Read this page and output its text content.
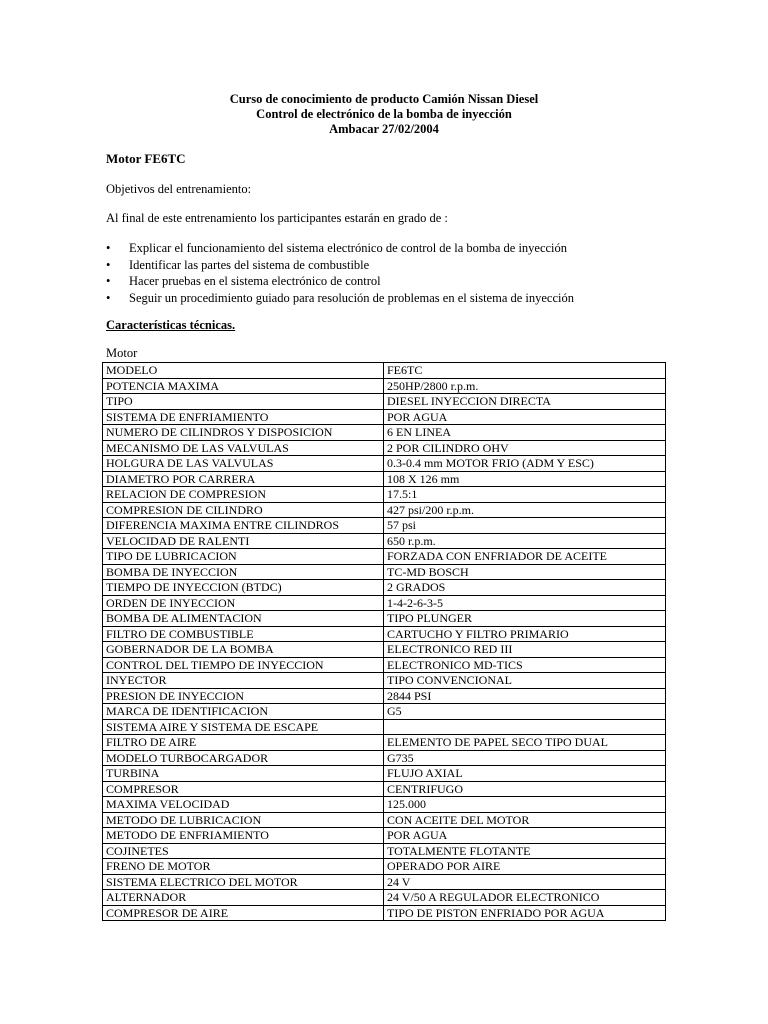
Curso de conocimiento de producto Camión Nissan Diesel
Control de electrónico de la bomba de inyección
Ambacar 27/02/2004
Motor FE6TC
Objetivos del entrenamiento:
Al final de este entrenamiento los participantes estarán en grado de :
• Explicar el funcionamiento del sistema electrónico de control de la bomba de inyección
• Identificar las partes del sistema de combustible
• Hacer pruebas en el sistema electrónico de control
• Seguir un procedimiento guiado para resolución de problemas en el sistema de inyección
Características técnicas.
Motor
MODELO	FE6TC
POTENCIA MAXIMA	250HP/2800 r.p.m.
TIPO	DIESEL INYECCION DIRECTA
SISTEMA DE ENFRIAMIENTO	POR AGUA
NUMERO DE CILINDROS Y DISPOSICION	6 EN LINEA
MECANISMO DE LAS VALVULAS	2 POR CILINDRO OHV
HOLGURA DE LAS VALVULAS	0.3-0.4 mm MOTOR FRIO (ADM Y ESC)
DIAMETRO POR CARRERA	108 X 126 mm
RELACION DE COMPRESION	17.5:1
COMPRESION DE CILINDRO	427 psi/200 r.p.m.
DIFERENCIA MAXIMA ENTRE CILINDROS	57 psi
VELOCIDAD DE RALENTI	650 r.p.m.
TIPO DE LUBRICACION	FORZADA CON ENFRIADOR DE ACEITE
BOMBA DE INYECCION	TC-MD BOSCH
TIEMPO DE INYECCION (BTDC)	2 GRADOS
ORDEN DE INYECCION	1-4-2-6-3-5
BOMBA DE ALIMENTACION	TIPO PLUNGER
FILTRO DE COMBUSTIBLE	CARTUCHO Y FILTRO PRIMARIO
GOBERNADOR DE LA BOMBA	ELECTRONICO RED III
CONTROL DEL TIEMPO DE INYECCION	ELECTRONICO MD-TICS
INYECTOR	TIPO CONVENCIONAL
PRESION DE INYECCION	2844 PSI
MARCA DE IDENTIFICACION	G5
SISTEMA AIRE Y SISTEMA DE ESCAPE	
FILTRO DE AIRE	ELEMENTO DE PAPEL SECO TIPO DUAL
MODELO TURBOCARGADOR	G735
TURBINA	FLUJO AXIAL
COMPRESOR	CENTRIFUGO
MAXIMA VELOCIDAD	125.000
METODO DE LUBRICACION	CON ACEITE DEL MOTOR
METODO DE ENFRIAMIENTO	POR AGUA
COJINETES	TOTALMENTE FLOTANTE
FRENO DE MOTOR	OPERADO POR AIRE
SISTEMA ELECTRICO DEL MOTOR	24 V
ALTERNADOR	24 V/50 A REGULADOR ELECTRONICO
COMPRESOR DE AIRE	TIPO DE PISTON ENFRIADO POR AGUA
